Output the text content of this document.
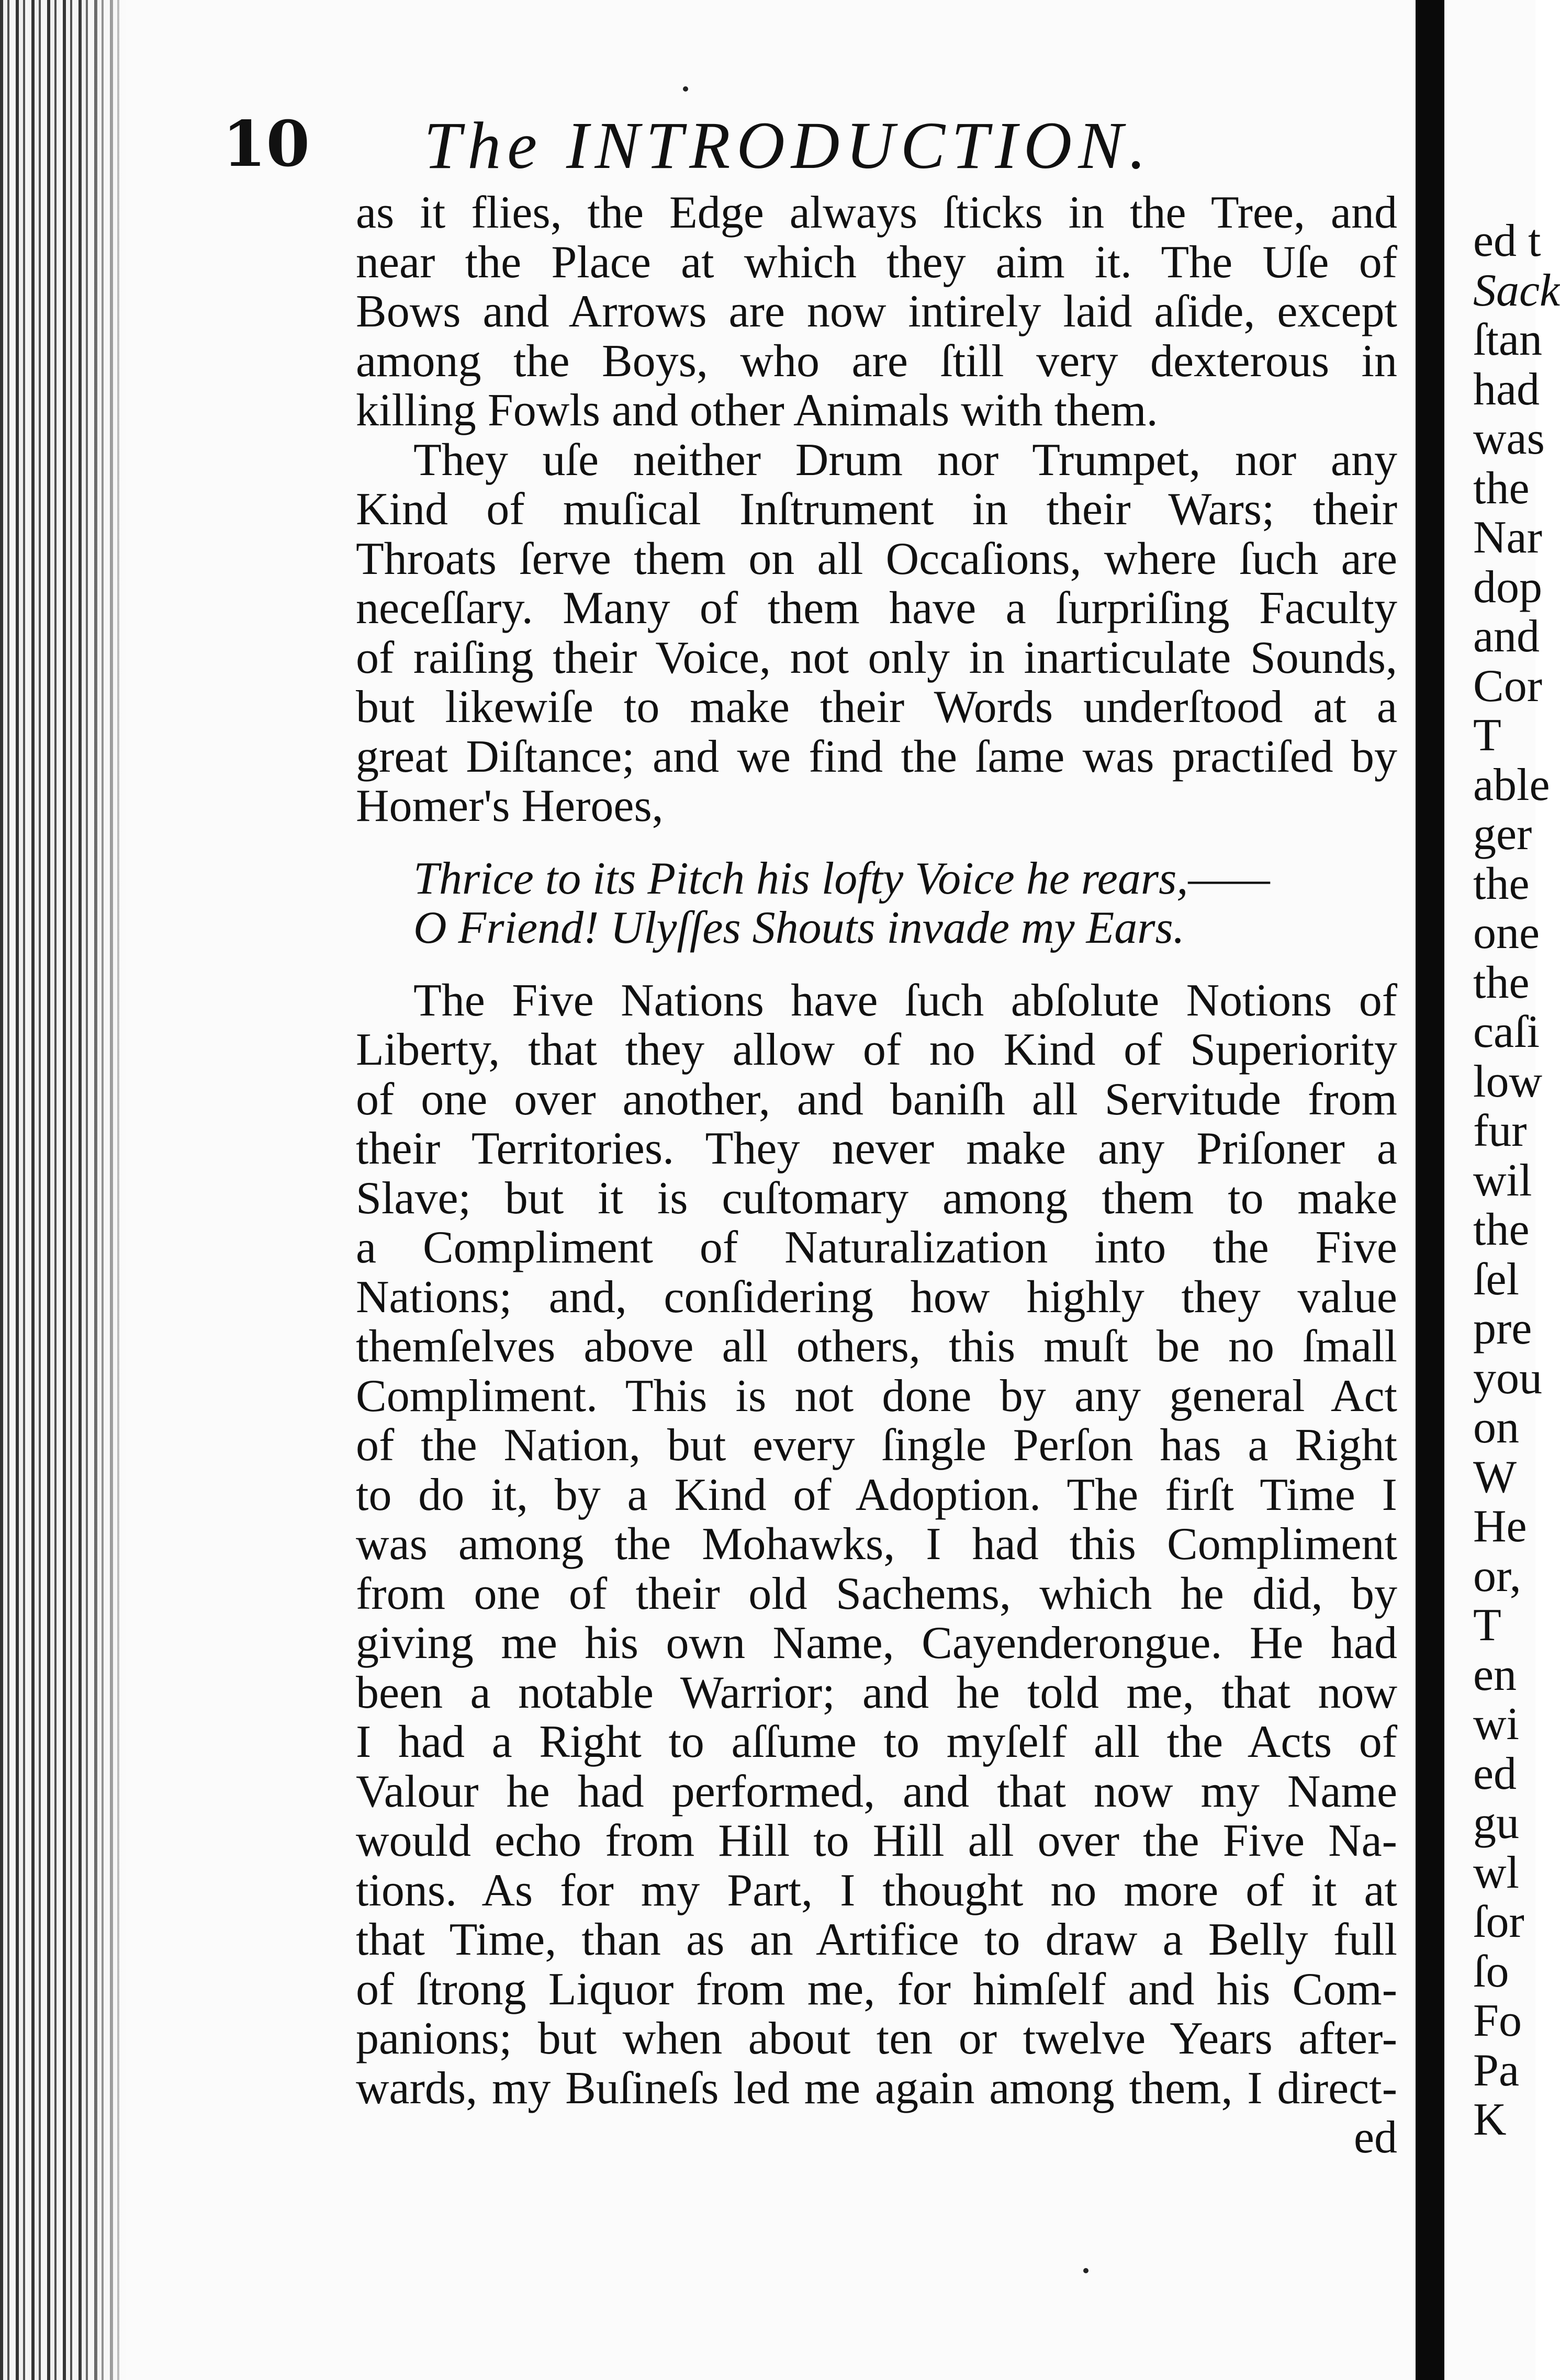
10 The INTRODUCTION.
as it flies, the Edge always ſticks in the Tree, and
near the Place at which they aim it. The Uſe of
Bows and Arrows are now intirely laid aſide, except
among the Boys, who are ſtill very dexterous in
killing Fowls and other Animals with them.
They uſe neither Drum nor Trumpet, nor any
Kind of muſical Inſtrument in their Wars; their
Throats ſerve them on all Occaſions, where ſuch are
neceſſary. Many of them have a ſurpriſing Faculty
of raiſing their Voice, not only in inarticulate Sounds,
but likewiſe to make their Words underſtood at a
great Diſtance; and we find the ſame was practiſed by
Homer's Heroes,
Thrice to its Pitch his lofty Voice he rears,——
O Friend! Ulyſſes Shouts invade my Ears.
The Five Nations have ſuch abſolute Notions of
Liberty, that they allow of no Kind of Superiority
of one over another, and baniſh all Servitude from
their Territories. They never make any Priſoner a
Slave; but it is cuſtomary among them to make
a Compliment of Naturalization into the Five
Nations; and, conſidering how highly they value
themſelves above all others, this muſt be no ſmall
Compliment. This is not done by any general Act
of the Nation, but every ſingle Perſon has a Right
to do it, by a Kind of Adoption. The firſt Time I
was among the Mohawks, I had this Compliment
from one of their old Sachems, which he did, by
giving me his own Name, Cayenderongue. He had
been a notable Warrior; and he told me, that now
I had a Right to aſſume to myſelf all the Acts of
Valour he had performed, and that now my Name
would echo from Hill to Hill all over the Five Na-
tions. As for my Part, I thought no more of it at
that Time, than as an Artifice to draw a Belly full
of ſtrong Liquor from me, for himſelf and his Com-
panions; but when about ten or twelve Years after-
wards, my Buſineſs led me again among them, I direct-
ed
ed t
Sack
ſtan
had
was
the
Nar
dop
and
Cor
T
able
ger
the
one
the
caſi
low
fur
wil
the
ſel
pre
you
on
W
He
or,
T
en
wi
ed
gu
wl
ſor
ſo
Fo
Pa
K
